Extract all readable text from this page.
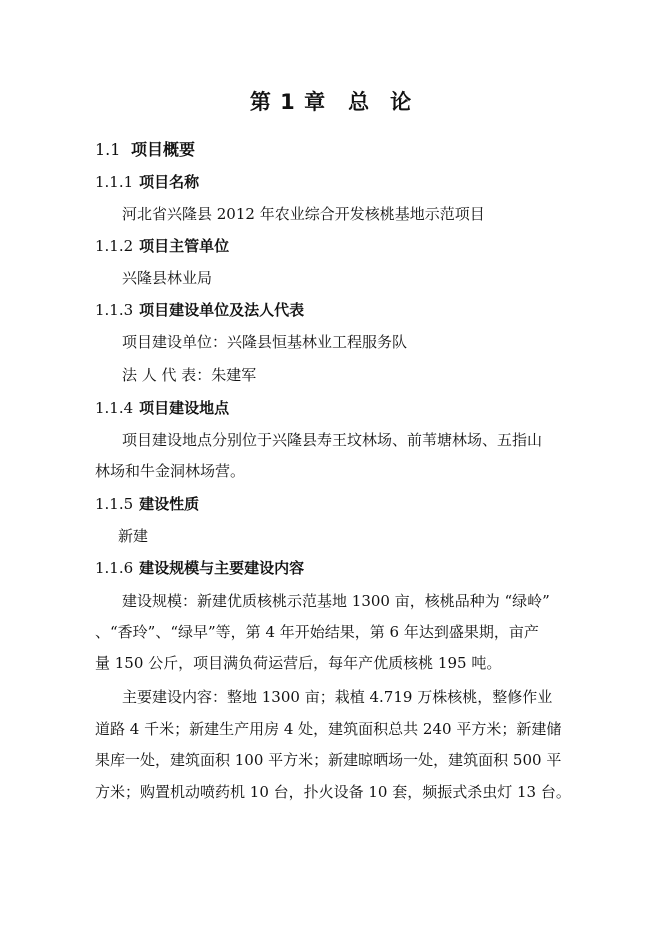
第 1 章 总 论
1.1 项目概要
1.1.1 项目名称
河北省兴隆县 2012 年农业综合开发核桃基地示范项目
1.1.2 项目主管单位
兴隆县林业局
1.1.3 项目建设单位及法人代表
项目建设单位：兴隆县恒基林业工程服务队
法 人 代 表：朱建军
1.1.4 项目建设地点
项目建设地点分别位于兴隆县寿王坟林场、前苇塘林场、五指山
林场和牛金洞林场营。
1.1.5 建设性质
新建
1.1.6 建设规模与主要建设内容
建设规模：新建优质核桃示范基地 1300 亩，核桃品种为 “绿岭”
、“香玲”、“绿早”等，第 4 年开始结果，第 6 年达到盛果期，亩产
量 150 公斤，项目满负荷运营后，每年产优质核桃 195 吨。
主要建设内容：整地 1300 亩；栽植 4.719 万株核桃，整修作业
道路 4 千米；新建生产用房 4 处，建筑面积总共 240 平方米；新建储
果库一处，建筑面积 100 平方米；新建晾晒场一处，建筑面积 500 平
方米；购置机动喷药机 10 台，扑火设备 10 套，频振式杀虫灯 13 台。
